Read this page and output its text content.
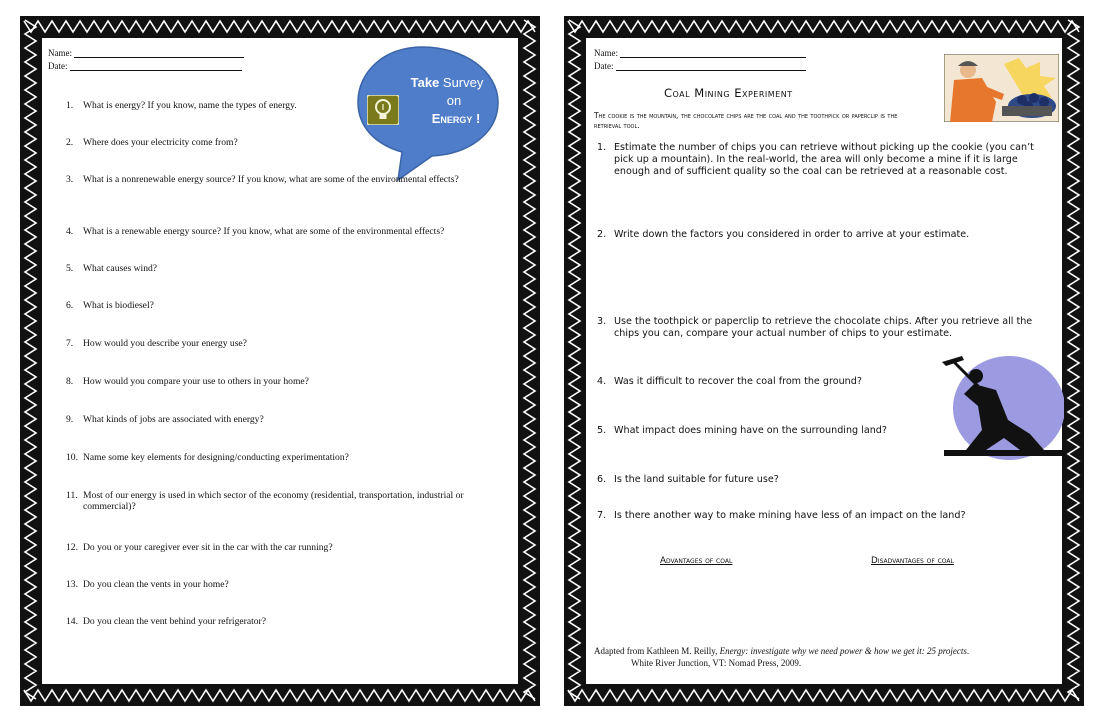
Name:
Date:
Take Survey
on
Energy !
1.	What is energy? If you know, name the types of energy.
2.	Where does your electricity come from?
3.	What is a nonrenewable energy source? If you know, what are some of the environmental effects?
4.	What is a renewable energy source? If you know, what are some of the environmental effects?
5.	What causes wind?
6.	What is biodiesel?
7.	How would you describe your energy use?
8.	How would you compare your use to others in your home?
9.	What kinds of jobs are associated with energy?
10. Name some key elements for designing/conducting experimentation?
11. Most of our energy is used in which sector of the economy (residential, transportation, industrial or commercial)?
12. Do you or your caregiver ever sit in the car with the car running?
13. Do you clean the vents in your home?
14. Do you clean the vent behind your refrigerator?
Name:
Date:
Coal Mining Experiment
The cookie is the mountain, the chocolate chips are the coal and the toothpick or paperclip is the retrieval tool.
1. Estimate the number of chips you can retrieve without picking up the cookie (you can’t pick up a mountain). In the real-world, the area will only become a mine if it is large enough and of sufficient quality so the coal can be retrieved at a reasonable cost.
2. Write down the factors you considered in order to arrive at your estimate.
3. Use the toothpick or paperclip to retrieve the chocolate chips. After you retrieve all the chips you can, compare your actual number of chips to your estimate.
4. Was it difficult to recover the coal from the ground?
5. What impact does mining have on the surrounding land?
6. Is the land suitable for future use?
7. Is there another way to make mining have less of an impact on the land?
Advantages of coal	Disadvantages of coal
Adapted from Kathleen M. Reilly, Energy: investigate why we need power & how we get it: 25 projects.
White River Junction, VT: Nomad Press, 2009.
